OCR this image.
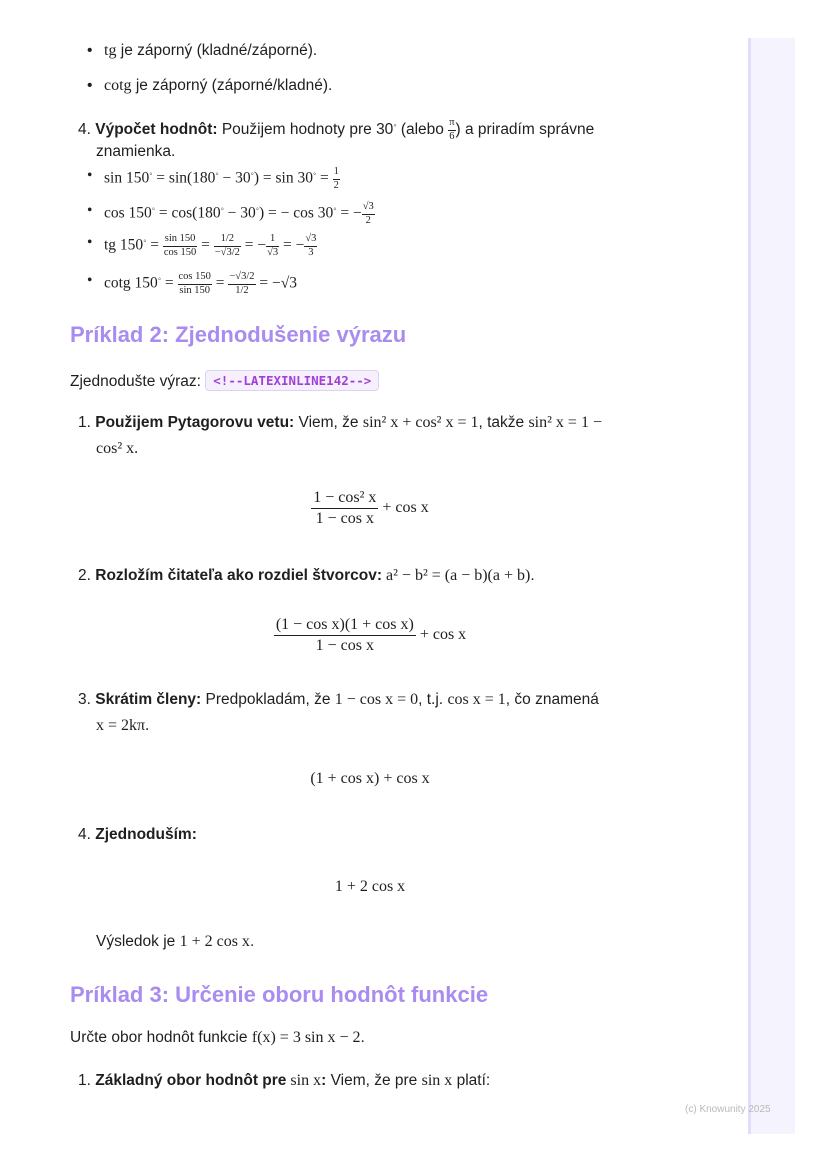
(c) Knowunity 2025
• tg je záporný (kladné/záporné).
• cotg je záporný (záporné/kladné).
4. Výpočet hodnôt: Použijem hodnoty pre 30◦ (alebo $\frac{\pi}{6}$ ) a priradím správne
znamienka.
• $\sin 150^◦ = \sin(180^◦ - 30^◦) = \sin 30^◦ = \frac{1}{2}$
• cos 150◦ = cos(180◦ − 30◦) = − cos 30◦ = − $\frac{√3}{2}$
• tg $150^◦ = \frac{\sin 150}{\cos 150} = \frac{1/2}{-√3/2}$ = − $\frac{1}{√3}$ = − $\frac{√3}{3}$
• cotg $150^◦ = \frac{\cos 150}{\sin 150} = \frac{-√3/2}{1/2} = -√3$
Príklad 2: Zjednodušenie výrazu
Zjednodušte výraz: <!--LATEXINLINE142-->
1. Použijem Pytagorovu vetu: Viem, že sin² x + cos² x = 1, takže sin² x = 1 −
cos² x.
$\frac{\text{1 − cos² x}}{\text{1 − cos x}} + \cos x$
2. Rozložím čitateľa ako rozdiel štvorcov: a² − b² = (a − b)(a + b).
$\frac{\text{(1 − cos x)(1 + cos x)}}{\text{1 − cos x}} + \cos x$
3. Skrátim členy: Predpokladám, že 1 − cos x = 0, t.j. cos x = 1, čo znamená
x = 2kπ.
(1 + cos x) + cos x
4. Zjednoduším:
1 + 2 cos x
Výsledok je 1 + 2 cos x.
Príklad 3: Určenie oboru hodnôt funkcie
Určte obor hodnôt funkcie f(x) = 3 sin x − 2.
1. Základný obor hodnôt pre sin x: Viem, že pre sin x platí:
